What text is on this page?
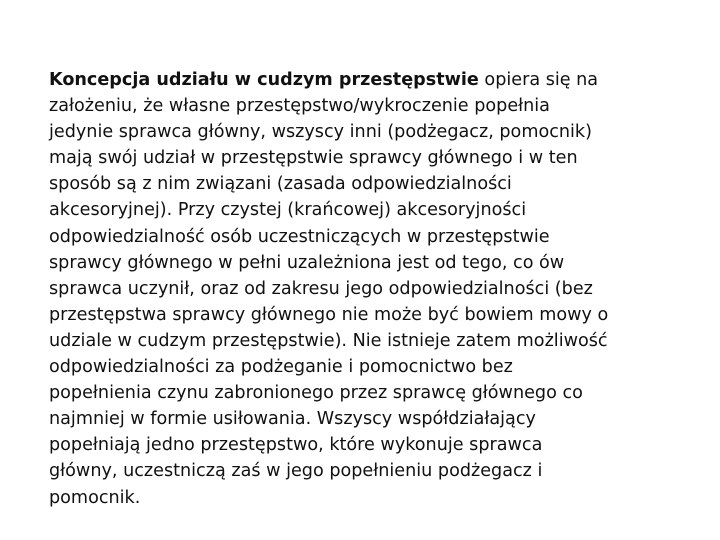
Koncepcja udziału w cudzym przestępstwie opiera się na
założeniu, że własne przestępstwo/wykroczenie popełnia
jedynie sprawca główny, wszyscy inni (podżegacz, pomocnik)
mają swój udział w przestępstwie sprawcy głównego i w ten
sposób są z nim związani (zasada odpowiedzialności
akcesoryjnej). Przy czystej (krańcowej) akcesoryjności
odpowiedzialność osób uczestniczących w przestępstwie
sprawcy głównego w pełni uzależniona jest od tego, co ów
sprawca uczynił, oraz od zakresu jego odpowiedzialności (bez
przestępstwa sprawcy głównego nie może być bowiem mowy o
udziale w cudzym przestępstwie). Nie istnieje zatem możliwość
odpowiedzialności za podżeganie i pomocnictwo bez
popełnienia czynu zabronionego przez sprawcę głównego co
najmniej w formie usiłowania. Wszyscy współdziałający
popełniają jedno przestępstwo, które wykonuje sprawca
główny, uczestniczą zaś w jego popełnieniu podżegacz i
pomocnik.
